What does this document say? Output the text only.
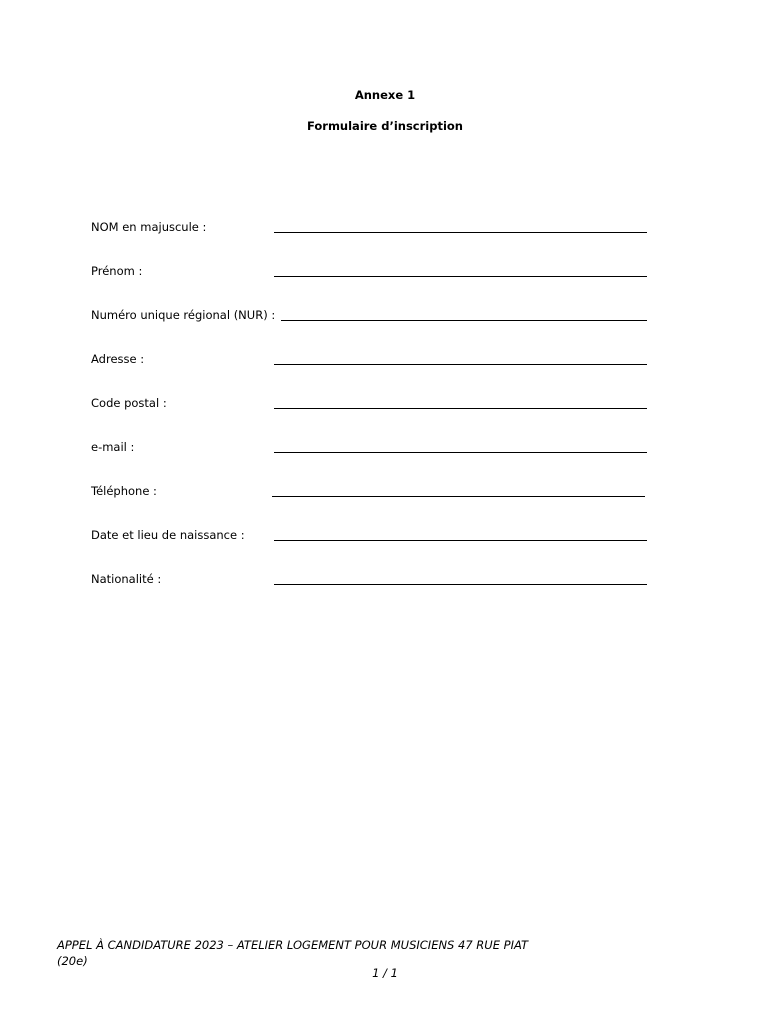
Annexe 1
Formulaire d’inscription
NOM en majuscule :
Prénom :
Numéro unique régional (NUR) :
Adresse :
Code postal :
e-mail :
Téléphone :
Date et lieu de naissance :
Nationalité :
APPEL À CANDIDATURE 2023 – ATELIER LOGEMENT POUR MUSICIENS 47 RUE PIAT (20e)
1 / 1
